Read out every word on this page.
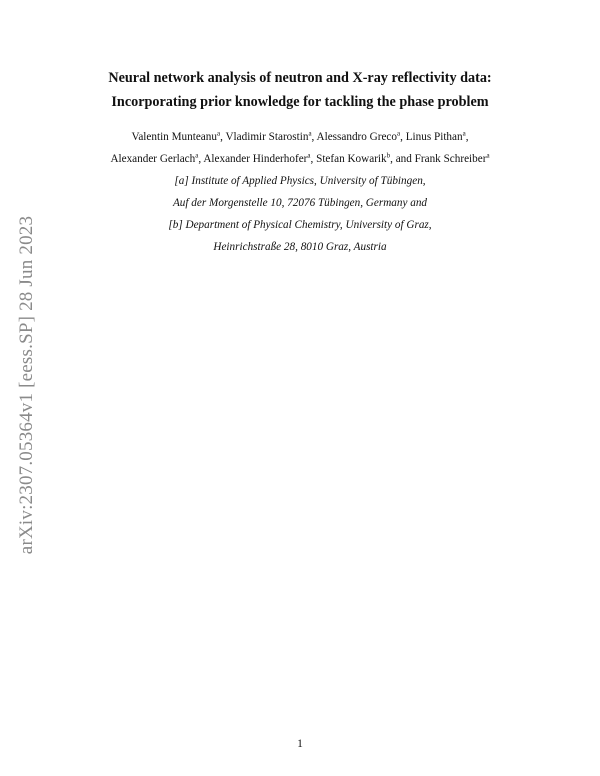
arXiv:2307.05364v1 [eess.SP] 28 Jun 2023
Neural network analysis of neutron and X-ray reflectivity data:
Incorporating prior knowledge for tackling the phase problem
Valentin Munteanu$^a$, Vladimir Starostin$^a$, Alessandro Greco$^a$, Linus Pithan$^a$,
Alexander Gerlach$^a$, Alexander Hinderhofer$^a$, Stefan Kowarik$^b$, and Frank Schreiber$^a$
[a] Institute of Applied Physics, University of Tübingen,
Auf der Morgenstelle 10, 72076 Tübingen, Germany and
[b] Department of Physical Chemistry, University of Graz,
Heinrichstraße 28, 8010 Graz, Austria
1
